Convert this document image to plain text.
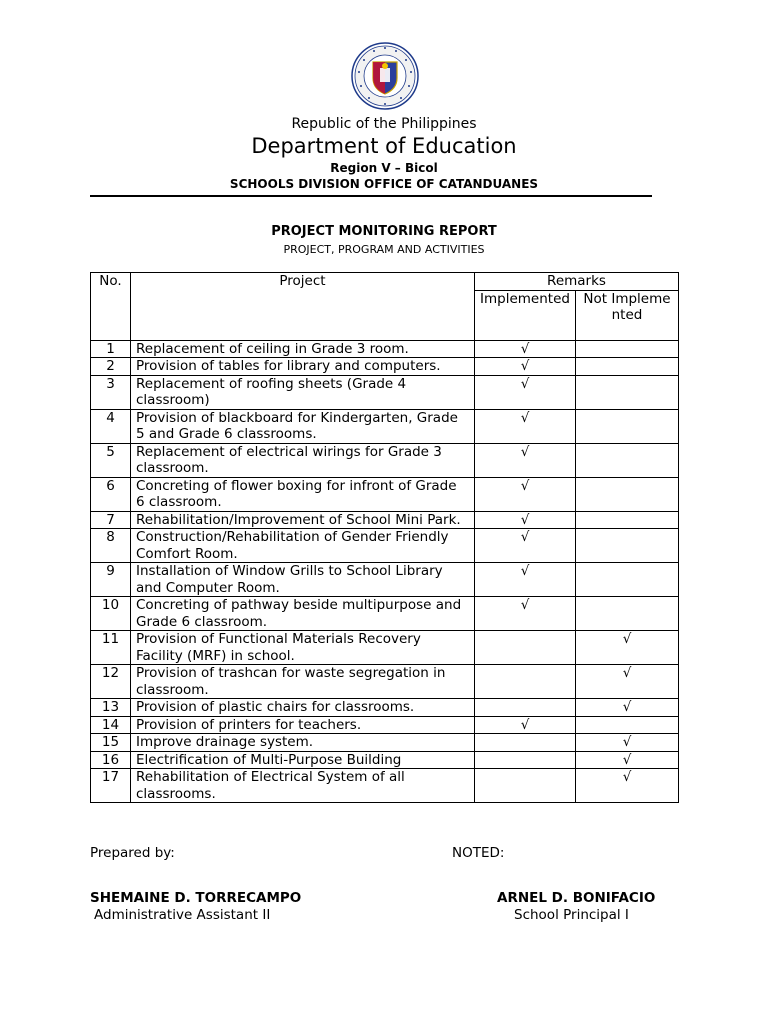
Republic of the Philippines
Department of Education
Region V – Bicol
SCHOOLS DIVISION OFFICE OF CATANDUANES
PROJECT MONITORING REPORT
PROJECT, PROGRAM AND ACTIVITIES
No.	Project	Remarks	
		Implemented	Not Implemented
1	Replacement of ceiling in Grade 3 room.	√	
2	Provision of tables for library and computers.	√	
3	Replacement of roofing sheets (Grade 4 classroom)	√	
4	Provision of blackboard for Kindergarten, Grade 5 and Grade 6 classrooms.	√	
5	Replacement of electrical wirings for Grade 3 classroom.	√	
6	Concreting of flower boxing for infront of Grade 6 classroom.	√	
7	Rehabilitation/Improvement of School Mini Park.	√	
8	Construction/Rehabilitation of Gender Friendly Comfort Room.	√	
9	Installation of Window Grills to School Library and Computer Room.	√	
10	Concreting of pathway beside multipurpose and Grade 6 classroom.	√	
11	Provision of Functional Materials Recovery Facility (MRF) in school.		√
12	Provision of trashcan for waste segregation in classroom.		√
13	Provision of plastic chairs for classrooms.		√
14	Provision of printers for teachers.	√	
15	Improve drainage system.		√
16	Electrification of Multi-Purpose Building		√
17	Rehabilitation of Electrical System of all classrooms.		√
Prepared by:	NOTED:
SHEMAINE D. TORRECAMPO
Administrative Assistant II
ARNEL D. BONIFACIO
School Principal I
